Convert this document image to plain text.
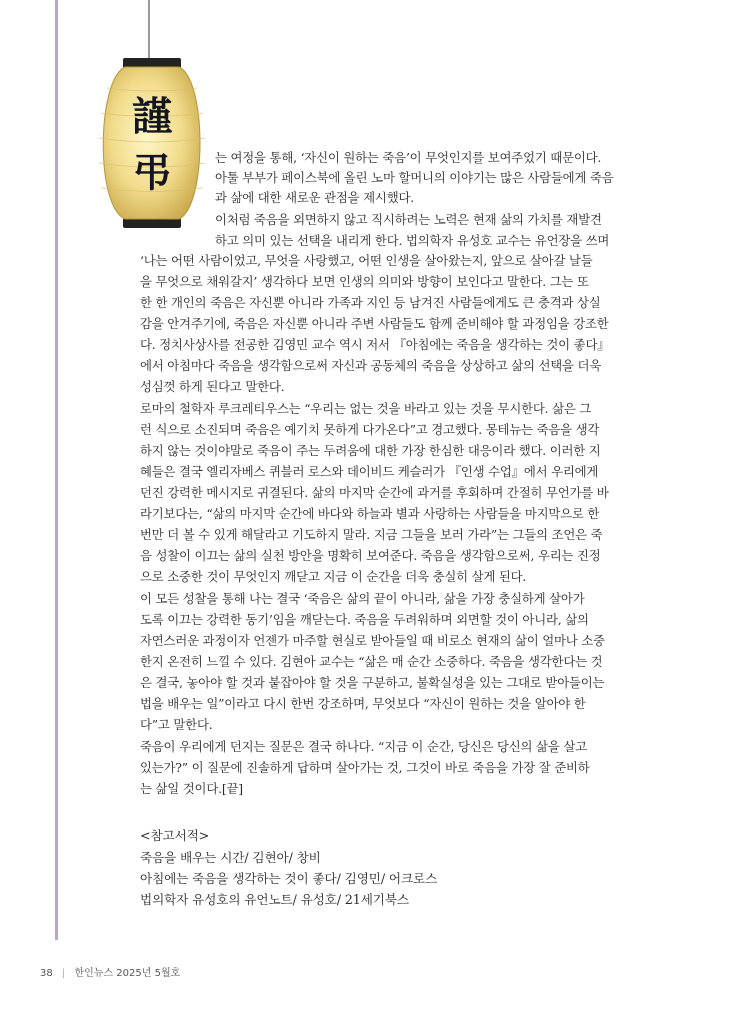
謹
弔	는 여정을 통해, ‘자신이 원하는 죽음’이 무엇인지를 보여주었기 때문이다.
아툴 부부가 페이스북에 올린 노마 할머니의 이야기는 많은 사람들에게 죽음
과 삶에 대한 새로운 관점을 제시했다.
이처럼 죽음을 외면하지 않고 직시하려는 노력은 현재 삶의 가치를 재발견
하고 의미 있는 선택을 내리게 한다. 법의학자 유성호 교수는 유언장을 쓰며
‘나는 어떤 사람이었고, 무엇을 사랑했고, 어떤 인생을 살아왔는지, 앞으로 살아갈 날들
을 무엇으로 채워갈지’ 생각하다 보면 인생의 의미와 방향이 보인다고 말한다. 그는 또
한 한 개인의 죽음은 자신뿐 아니라 가족과 지인 등 남겨진 사람들에게도 큰 충격과 상실
감을 안겨주기에, 죽음은 자신뿐 아니라 주변 사람들도 함께 준비해야 할 과정임을 강조한
다. 정치사상사를 전공한 김영민 교수 역시 저서 『아침에는 죽음을 생각하는 것이 좋다』
에서 아침마다 죽음을 생각함으로써 자신과 공동체의 죽음을 상상하고 삶의 선택을 더욱
성심껏 하게 된다고 말한다.
로마의 철학자 루크레티우스는 “우리는 없는 것을 바라고 있는 것을 무시한다. 삶은 그
런 식으로 소진되며 죽음은 예기치 못하게 다가온다”고 경고했다. 몽테뉴는 죽음을 생각
하지 않는 것이야말로 죽음이 주는 두려움에 대한 가장 한심한 대응이라 했다. 이러한 지
혜들은 결국 엘리자베스 퀴블러 로스와 데이비드 케슬러가 『인생 수업』에서 우리에게
던진 강력한 메시지로 귀결된다. 삶의 마지막 순간에 과거를 후회하며 간절히 무언가를 바
라기보다는, “삶의 마지막 순간에 바다와 하늘과 별과 사랑하는 사람들을 마지막으로 한
번만 더 볼 수 있게 해달라고 기도하지 말라. 지금 그들을 보러 가라”는 그들의 조언은 죽
음 성찰이 이끄는 삶의 실천 방안을 명확히 보여준다. 죽음을 생각함으로써, 우리는 진정
으로 소중한 것이 무엇인지 깨닫고 지금 이 순간을 더욱 충실히 살게 된다.
이 모든 성찰을 통해 나는 결국 ‘죽음은 삶의 끝이 아니라, 삶을 가장 충실하게 살아가
도록 이끄는 강력한 동기’임을 깨닫는다. 죽음을 두려워하며 외면할 것이 아니라, 삶의
자연스러운 과정이자 언젠가 마주할 현실로 받아들일 때 비로소 현재의 삶이 얼마나 소중
한지 온전히 느낄 수 있다. 김현아 교수는 “삶은 매 순간 소중하다. 죽음을 생각한다는 것
은 결국, 놓아야 할 것과 붙잡아야 할 것을 구분하고, 불확실성을 있는 그대로 받아들이는
법을 배우는 일”이라고 다시 한번 강조하며, 무엇보다 “자신이 원하는 것을 알아야 한
다”고 말한다.
죽음이 우리에게 던지는 질문은 결국 하나다. “지금 이 순간, 당신은 당신의 삶을 살고
있는가?” 이 질문에 진솔하게 답하며 살아가는 것, 그것이 바로 죽음을 가장 잘 준비하
는 삶일 것이다.[끝]
<참고서적>
죽음을 배우는 시간/ 김현아/ 창비
아침에는 죽음을 생각하는 것이 좋다/ 김영민/ 어크로스
법의학자 유성호의 유언노트/ 유성호/ 21세기북스
38 | 한인뉴스 2025년 5월호
